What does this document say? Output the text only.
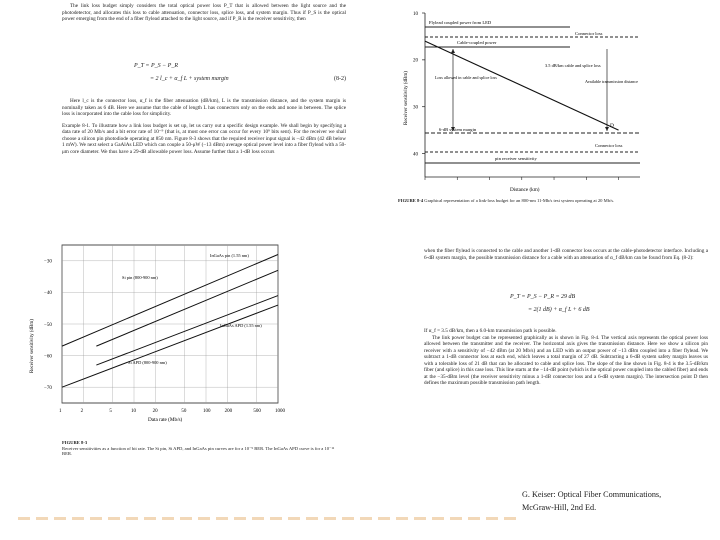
The link loss budget simply considers the total optical power loss P_T that is allowed between the light source and the photodetector, and allocates this loss to cable attenuation, connector loss, splice loss, and system margin. Thus if P_S is the optical power emerging from the end of a fiber flylead attached to the light source, and if P_R is the receiver sensitivity, then

P_T = P_S − P_R
= 2 l_c + α_f L + system margin	(8-2)

Here l_c is the connector loss, α_f is the fiber attenuation (dB/km), L is the transmission distance, and the system margin is nominally taken as 6 dB. Here we assume that the cable of length L has connectors only on the ends and none in between. The splice loss is incorporated into the cable loss for simplicity.

Example 8-1. To illustrate how a link loss budget is set up, let us carry out a specific design example. We shall begin by specifying a data rate of 20 Mb/s and a bit error rate of 10⁻⁹ (that is, at most one error can occur for every 10⁹ bits sent). For the receiver we shall choose a silicon pin photodiode operating at 850 nm. Figure 8-3 shows that the required receiver input signal is −42 dBm (42 dB below 1 mW). We next select a GaAlAs LED which can couple a 50-μW (−13 dBm) average optical power level into a fiber flylead with a 50-μm core diameter. We thus have a 29-dB allowable power loss. Assume further that a 1-dB loss occurs

10
20
30
40
Receiver sensitivity (dBm)
Distance (km)
Flylead coupled power from LED
Connector loss
Cable-coupled power
3.5 dB/km cable and splice loss
Loss allowed in cable and splice loss
Available transmission distance
6-dB system margin
pin receiver sensitivity
D
Connector loss
FIGURE 8-4 Graphical representation of a link-loss budget for an 800-nm 11-Mb/s test system operating at 20 Mb/s.
−70
−60
−50
−40
−30
1	2	5	10	20	50	100	200	500	1000
Receiver sensitivity (dBm)
Data rate (Mb/s)
InGaAs pin (1.55 nm)
Si pin (800-900 nm)
InGaAs APD (1.55 nm)
Si APD (800-900 nm)
FIGURE 8-3
Receiver sensitivities as a function of bit rate. The Si pin, Si APD, and InGaAs pin curves are for a 10⁻⁹ BER. The InGaAs APD curve is for a 10⁻¹¹ BER.

when the fiber flylead is connected to the cable and another 1-dB connector loss occurs at the cable-photodetector interface. Including a 6-dB system margin, the possible transmission distance for a cable with an attenuation of α_f dB/km can be found from Eq. (8-2):

P_T = P_S − P_R = 29 dB
= 2(1 dB) + α_f L + 6 dB

If α_f = 3.5 dB/km, then a 6.0-km transmission path is possible.

The link power budget can be represented graphically as is shown in Fig. 8-4. The vertical axis represents the optical power loss allowed between the transmitter and the receiver. The horizontal axis gives the transmission distance. Here we show a silicon pin receiver with a sensitivity of −42 dBm (at 20 Mb/s) and an LED with an output power of −13 dBm coupled into a fiber flylead. We subtract a 1-dB connector loss at each end, which leaves a total margin of 27 dB. Subtracting a 6-dB system safety margin leaves us with a tolerable loss of 21 dB that can be allocated to cable and splice loss. The slope of the line shown in Fig. 8-4 is the 3.5-dB/km fiber (and splice) in this case loss. This line starts at the −14-dB point (which is the optical power coupled into the cabled fiber) and ends at the −35-dBm level (the receiver sensitivity minus a 1-dB connector loss and a 6-dB system margin). The intersection point D then defines the maximum possible transmission path length.

G. Keiser: Optical Fiber Communications,
McGraw-Hill, 2nd Ed.
